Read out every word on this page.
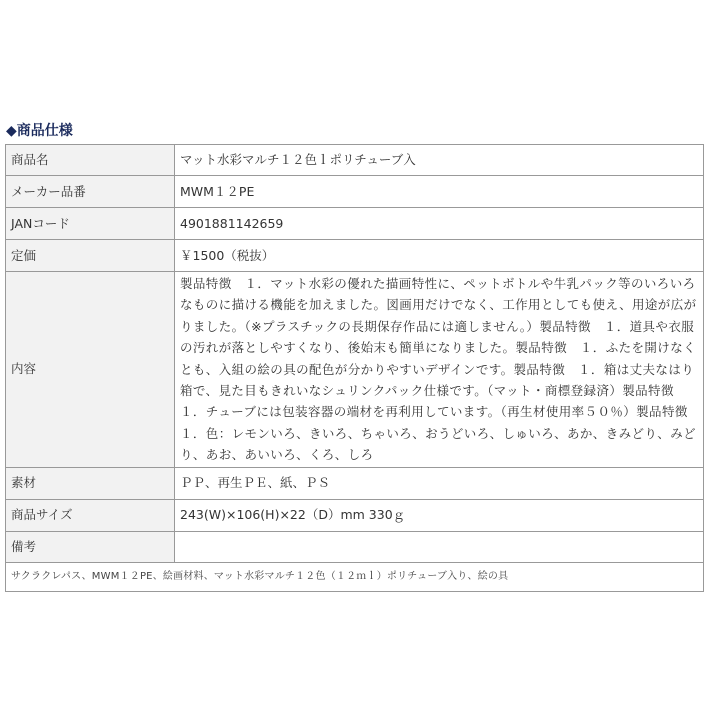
◆商品仕様
商品名	マット水彩マルチ１２色ｌポリチューブ入
メーカー品番	MWM１２PE
JANコード	4901881142659
定価	￥1500（税抜）
内容	製品特徴　１．マット水彩の優れた描画特性に、ペットボトルや牛乳パック等のいろいろなものに描ける機能を加えました。図画用だけでなく、工作用としても使え、用途が広がりました。（※プラスチックの長期保存作品には適しません。）製品特徴　１．道具や衣服の汚れが落としやすくなり、後始末も簡単になりました。製品特徴　１．ふたを開けなくとも、入組の絵の具の配色が分かりやすいデザインです。製品特徴　１．箱は丈夫なはり箱で、見た目もきれいなシュリンクパック仕様です。（マット・商標登録済）製品特徴　１．チューブには包装容器の端材を再利用しています。（再生材使用率５０％）製品特徴　１．色：レモンいろ、きいろ、ちゃいろ、おうどいろ、しゅいろ、あか、きみどり、みどり、あお、あいいろ、くろ、しろ
素材	ＰＰ、再生ＰＥ、紙、ＰＳ
商品サイズ	243(W)×106(H)×22（D）mm 330ｇ
備考	
サクラクレパス、MWM１２PE、絵画材料、マット水彩マルチ１２色（１２ｍｌ）ポリチューブ入り、絵の具	
